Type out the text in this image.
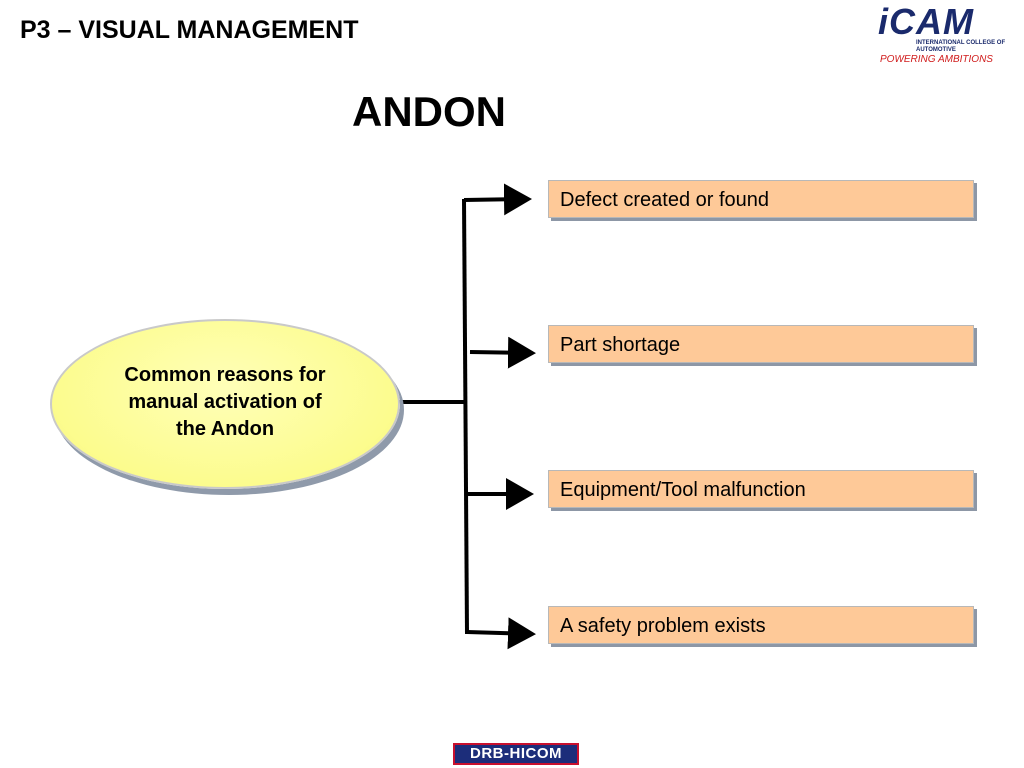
P3 – VISUAL MANAGEMENT	iCAM
INTERNATIONAL COLLEGE OF AUTOMOTIVE
POWERING AMBITIONS
ANDON
Common reasons for manual activation of the Andon
Defect created or found
Part shortage
Equipment/Tool malfunction
A safety problem exists
DRB-HICOM
